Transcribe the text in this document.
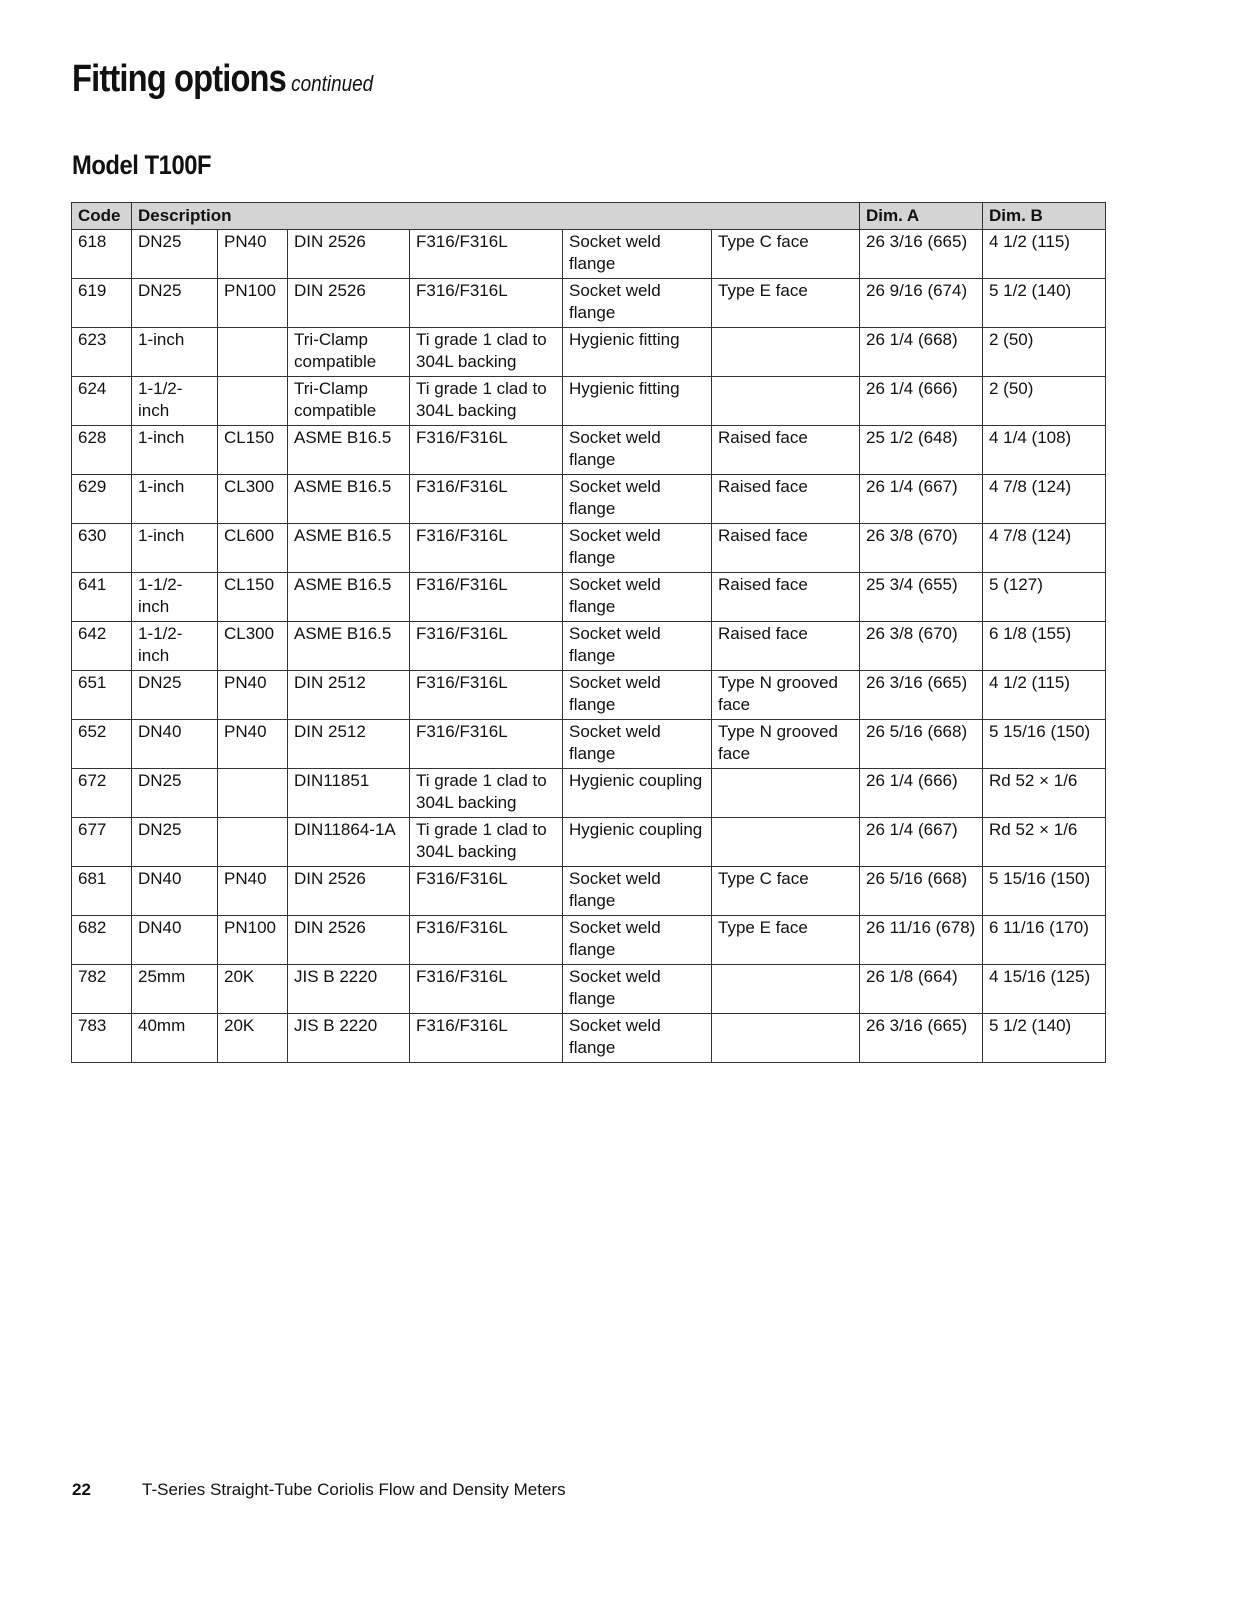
Fitting options continued
Model T100F
Code	Description						Dim. A	Dim. B
618	DN25	PN40	DIN 2526	F316/F316L	Socket weld flange	Type C face	26 3/16 (665)	4 1/2 (115)
619	DN25	PN100	DIN 2526	F316/F316L	Socket weld flange	Type E face	26 9/16 (674)	5 1/2 (140)
623	1-inch		Tri-Clamp compatible	Ti grade 1 clad to 304L backing	Hygienic fitting		26 1/4 (668)	2 (50)
624	1-1/2-inch		Tri-Clamp compatible	Ti grade 1 clad to 304L backing	Hygienic fitting		26 1/4 (666)	2 (50)
628	1-inch	CL150	ASME B16.5	F316/F316L	Socket weld flange	Raised face	25 1/2 (648)	4 1/4 (108)
629	1-inch	CL300	ASME B16.5	F316/F316L	Socket weld flange	Raised face	26 1/4 (667)	4 7/8 (124)
630	1-inch	CL600	ASME B16.5	F316/F316L	Socket weld flange	Raised face	26 3/8 (670)	4 7/8 (124)
641	1-1/2-inch	CL150	ASME B16.5	F316/F316L	Socket weld flange	Raised face	25 3/4 (655)	5 (127)
642	1-1/2-inch	CL300	ASME B16.5	F316/F316L	Socket weld flange	Raised face	26 3/8 (670)	6 1/8 (155)
651	DN25	PN40	DIN 2512	F316/F316L	Socket weld flange	Type N grooved face	26 3/16 (665)	4 1/2 (115)
652	DN40	PN40	DIN 2512	F316/F316L	Socket weld flange	Type N grooved face	26 5/16 (668)	5 15/16 (150)
672	DN25		DIN11851	Ti grade 1 clad to 304L backing	Hygienic coupling		26 1/4 (666)	Rd 52 × 1/6
677	DN25		DIN11864-1A	Ti grade 1 clad to 304L backing	Hygienic coupling		26 1/4 (667)	Rd 52 × 1/6
681	DN40	PN40	DIN 2526	F316/F316L	Socket weld flange	Type C face	26 5/16 (668)	5 15/16 (150)
682	DN40	PN100	DIN 2526	F316/F316L	Socket weld flange	Type E face	26 11/16 (678)	6 11/16 (170)
782	25mm	20K	JIS B 2220	F316/F316L	Socket weld flange		26 1/8 (664)	4 15/16 (125)
783	40mm	20K	JIS B 2220	F316/F316L	Socket weld flange		26 3/16 (665)	5 1/2 (140)
22	T-Series Straight-Tube Coriolis Flow and Density Meters
